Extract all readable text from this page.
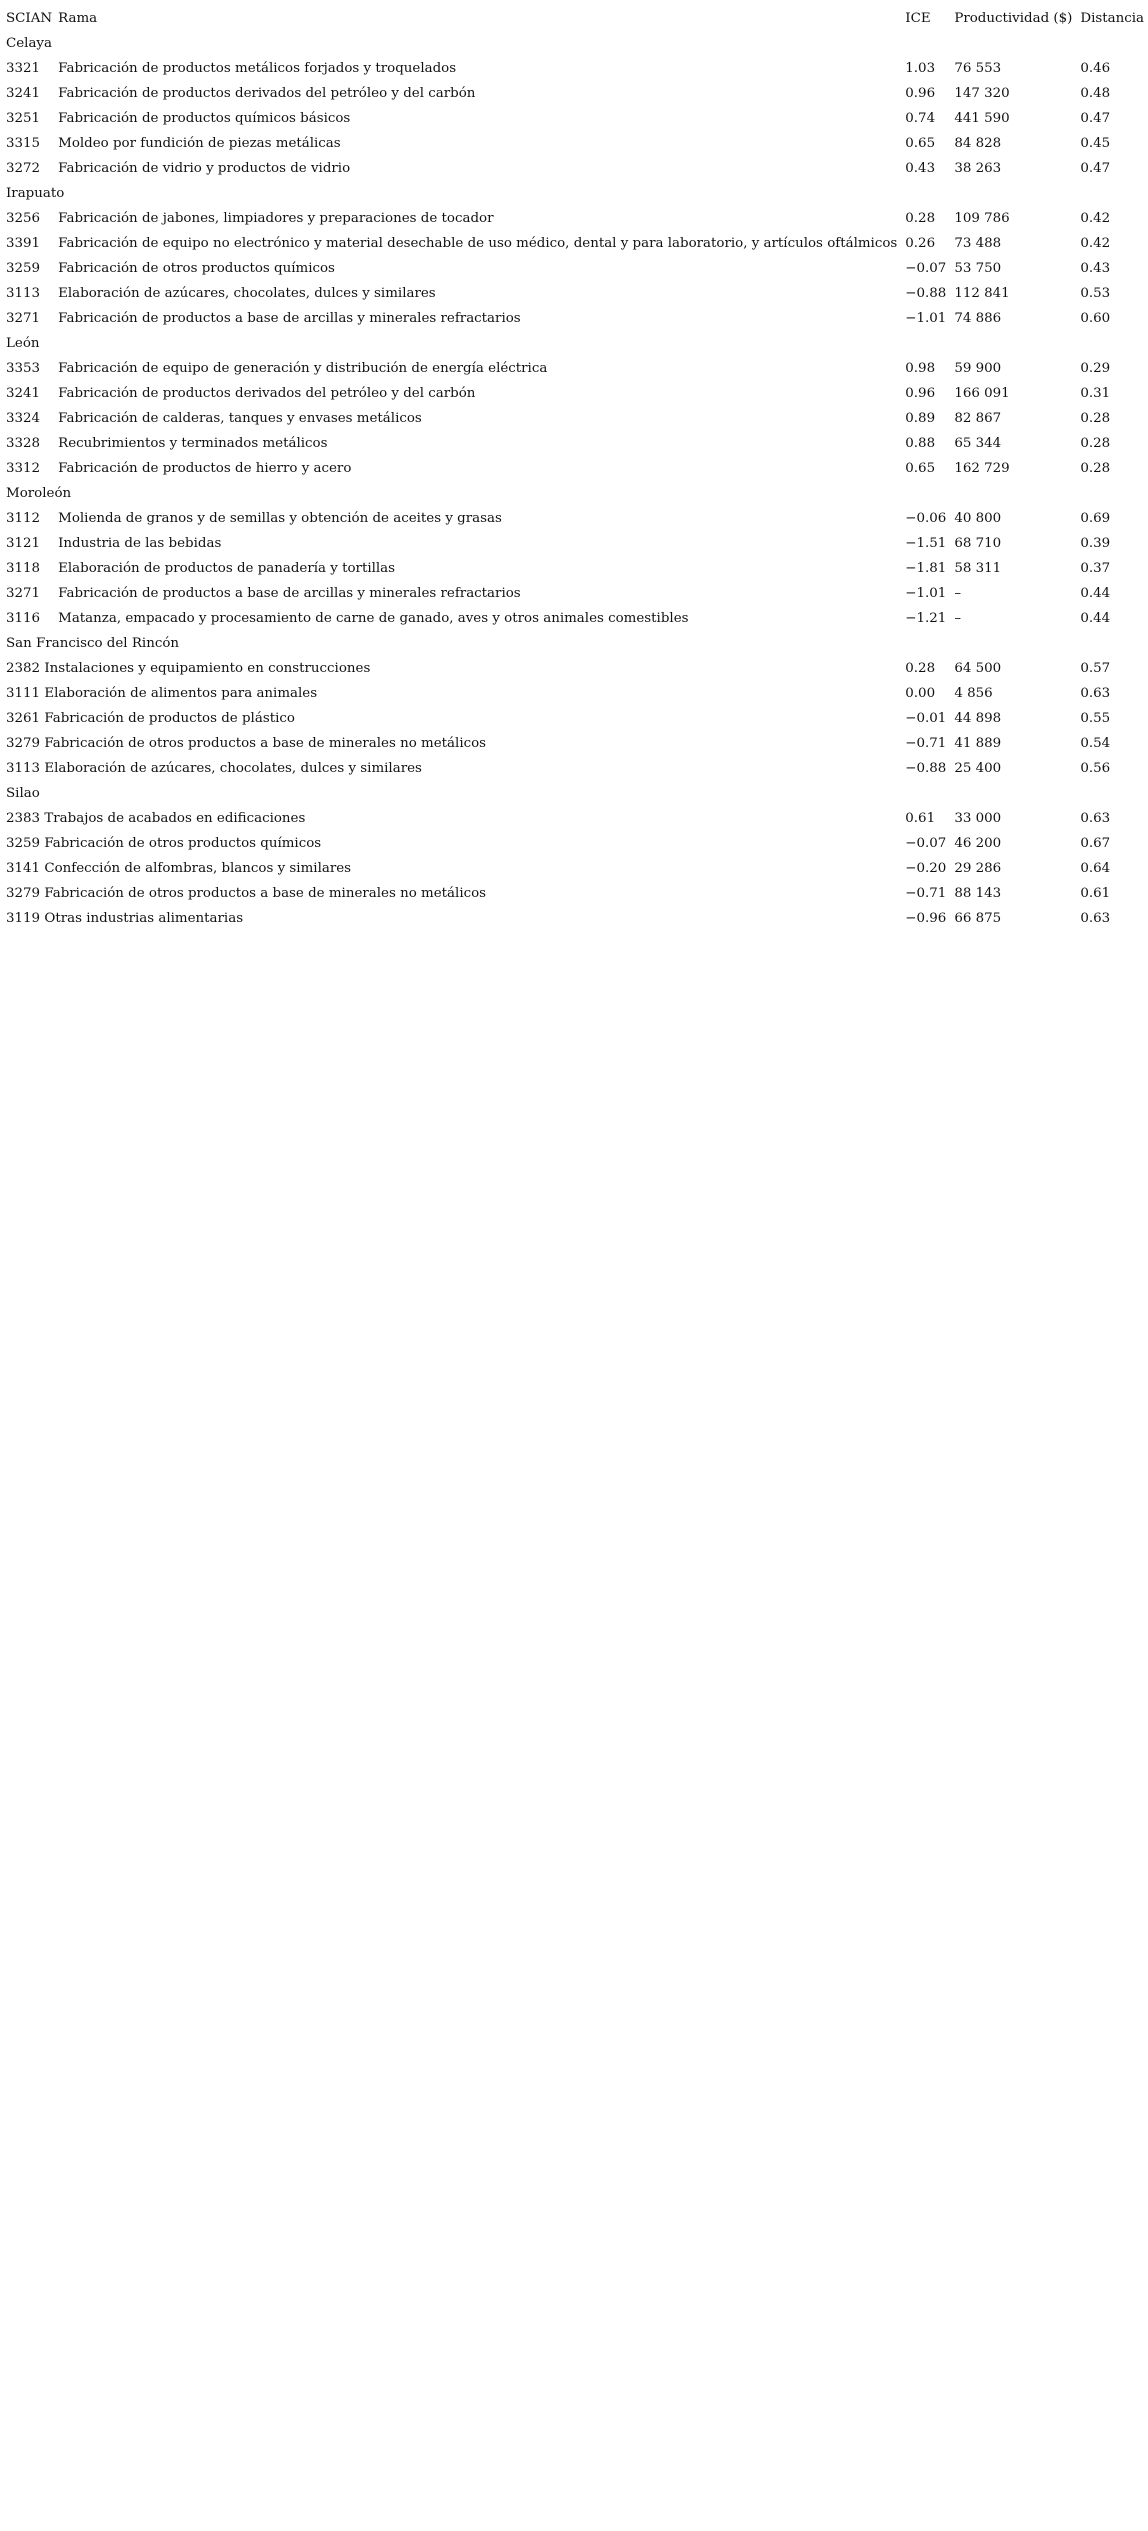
SCIAN	Rama	ICE	Productividad ($)	Distancia
Celaya				
3321	Fabricación de productos metálicos forjados y troquelados	1.03	76 553	0.46
3241	Fabricación de productos derivados del petróleo y del carbón	0.96	147 320	0.48
3251	Fabricación de productos químicos básicos	0.74	441 590	0.47
3315	Moldeo por fundición de piezas metálicas	0.65	84 828	0.45
3272	Fabricación de vidrio y productos de vidrio	0.43	38 263	0.47
Irapuato				
3256	Fabricación de jabones, limpiadores y preparaciones de tocador	0.28	109 786	0.42
3391	Fabricación de equipo no electrónico y material desechable de uso médico, dental y para laboratorio, y artículos oftálmicos	0.26	73 488	0.42
3259	Fabricación de otros productos químicos	−0.07	53 750	0.43
3113	Elaboración de azúcares, chocolates, dulces y similares	−0.88	112 841	0.53
3271	Fabricación de productos a base de arcillas y minerales refractarios	−1.01	74 886	0.60
León				
3353	Fabricación de equipo de generación y distribución de energía eléctrica	0.98	59 900	0.29
3241	Fabricación de productos derivados del petróleo y del carbón	0.96	166 091	0.31
3324	Fabricación de calderas, tanques y envases metálicos	0.89	82 867	0.28
3328	Recubrimientos y terminados metálicos	0.88	65 344	0.28
3312	Fabricación de productos de hierro y acero	0.65	162 729	0.28
Moroleón				
3112	Molienda de granos y de semillas y obtención de aceites y grasas	−0.06	40 800	0.69
3121	Industria de las bebidas	−1.51	68 710	0.39
3118	Elaboración de productos de panadería y tortillas	−1.81	58 311	0.37
3271	Fabricación de productos a base de arcillas y minerales refractarios	−1.01	–	0.44
3116	Matanza, empacado y procesamiento de carne de ganado, aves y otros animales comestibles	−1.21	–	0.44
San Francisco del Rincón				
2382 Instalaciones y equipamiento en construcciones		0.28	64 500	0.57
3111 Elaboración de alimentos para animales		0.00	4 856	0.63
3261 Fabricación de productos de plástico		−0.01	44 898	0.55
3279 Fabricación de otros productos a base de minerales no metálicos		−0.71	41 889	0.54
3113 Elaboración de azúcares, chocolates, dulces y similares		−0.88	25 400	0.56
Silao				
2383 Trabajos de acabados en edificaciones		0.61	33 000	0.63
3259 Fabricación de otros productos químicos		−0.07	46 200	0.67
3141 Confección de alfombras, blancos y similares		−0.20	29 286	0.64
3279 Fabricación de otros productos a base de minerales no metálicos		−0.71	88 143	0.61
3119 Otras industrias alimentarias		−0.96	66 875	0.63
